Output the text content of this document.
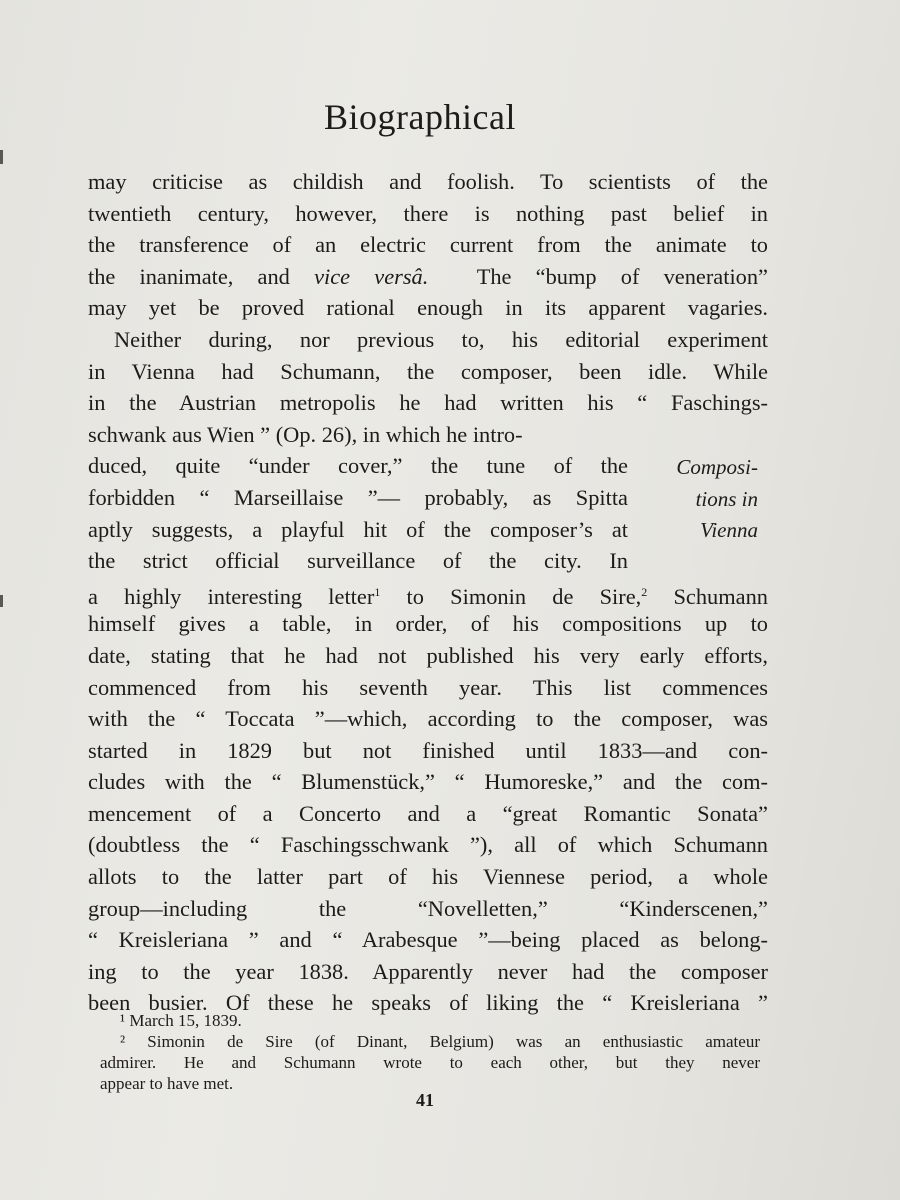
Biographical
may criticise as childish and foolish. To scientists of the
twentieth century, however, there is nothing past belief in
the transference of an electric current from the animate to
the inanimate, and vice versâ. The “bump of veneration”
may yet be proved rational enough in its apparent vagaries.
Neither during, nor previous to, his editorial experiment
in Vienna had Schumann, the composer, been idle. While
in the Austrian metropolis he had written his “ Faschings-
schwank aus Wien ” (Op. 26), in which he intro-
duced, quite “under cover,” the tune of the
forbidden “ Marseillaise ”— probably, as Spitta
aptly suggests, a playful hit of the composer’s at
the strict official surveillance of the city. In
a highly interesting letter$^1$ to Simonin de Sire,$^2$ Schumann
himself gives a table, in order, of his compositions up to
date, stating that he had not published his very early efforts,
commenced from his seventh year. This list commences
with the “ Toccata ”—which, according to the composer, was
started in 1829 but not finished until 1833—and con-
cludes with the “ Blumenstück,” “ Humoreske,” and the com-
mencement of a Concerto and a “great Romantic Sonata”
(doubtless the “ Faschingsschwank ”), all of which Schumann
allots to the latter part of his Viennese period, a whole
group—including the “Novelletten,” “Kinderscenen,”
“ Kreisleriana ” and “ Arabesque ”—being placed as belong-
ing to the year 1838. Apparently never had the composer
been busier. Of these he speaks of liking the “ Kreisleriana ”
Composi-
tions in
Vienna
¹ March 15, 1839.
² Simonin de Sire (of Dinant, Belgium) was an enthusiastic amateur
admirer. He and Schumann wrote to each other, but they never
appear to have met.
41
